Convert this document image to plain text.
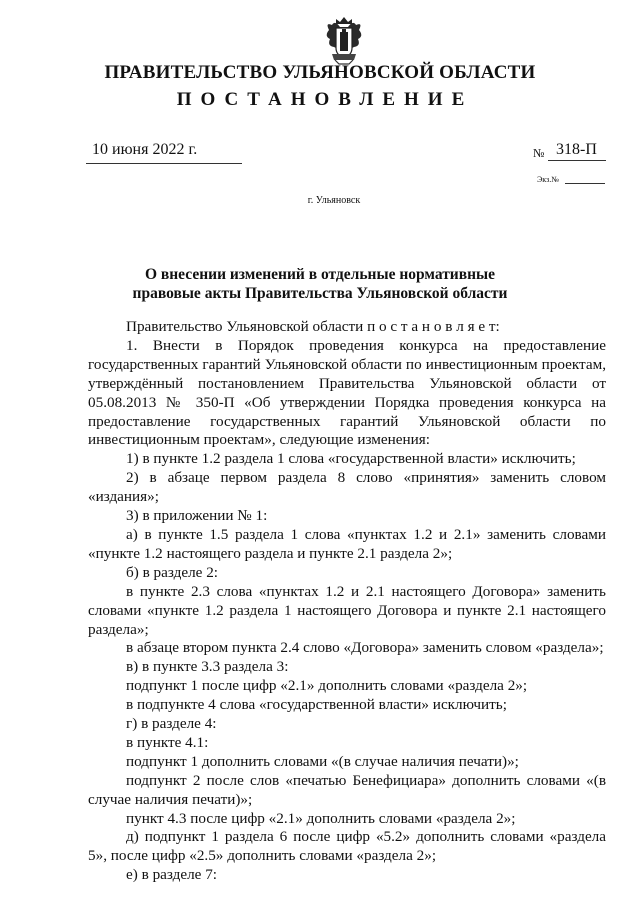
ПРАВИТЕЛЬСТВО УЛЬЯНОВСКОЙ ОБЛАСТИ
ПОСТАНОВЛЕНИЕ
10 июня 2022 г.	№ 318-П
Экз.№
г. Ульяновск
О внесении изменений в отдельные нормативные
правовые акты Правительства Ульяновской области

Правительство Ульяновской области п о с т а н о в л я е т:

1. Внести в Порядок проведения конкурса на предоставление государственных гарантий Ульяновской области по инвестиционным проектам, утверждённый постановлением Правительства Ульяновской области от 05.08.2013 № 350-П «Об утверждении Порядка проведения конкурса на предоставление государственных гарантий Ульяновской области по инвестиционным проектам», следующие изменения:

1) в пункте 1.2 раздела 1 слова «государственной власти» исключить;

2) в абзаце первом раздела 8 слово «принятия» заменить словом «издания»;

3) в приложении № 1:

а) в пункте 1.5 раздела 1 слова «пунктах 1.2 и 2.1» заменить словами «пункте 1.2 настоящего раздела и пункте 2.1 раздела 2»;

б) в разделе 2:

в пункте 2.3 слова «пунктах 1.2 и 2.1 настоящего Договора» заменить словами «пункте 1.2 раздела 1 настоящего Договора и пункте 2.1 настоящего раздела»;

в абзаце втором пункта 2.4 слово «Договора» заменить словом «раздела»;

в) в пункте 3.3 раздела 3:

подпункт 1 после цифр «2.1» дополнить словами «раздела 2»;

в подпункте 4 слова «государственной власти» исключить;

г) в разделе 4:

в пункте 4.1:

подпункт 1 дополнить словами «(в случае наличия печати)»;

подпункт 2 после слов «печатью Бенефициара» дополнить словами «(в случае наличия печати)»;

пункт 4.3 после цифр «2.1» дополнить словами «раздела 2»;

д) подпункт 1 раздела 6 после цифр «5.2» дополнить словами «раздела 5», после цифр «2.5» дополнить словами «раздела 2»;

е) в разделе 7:
